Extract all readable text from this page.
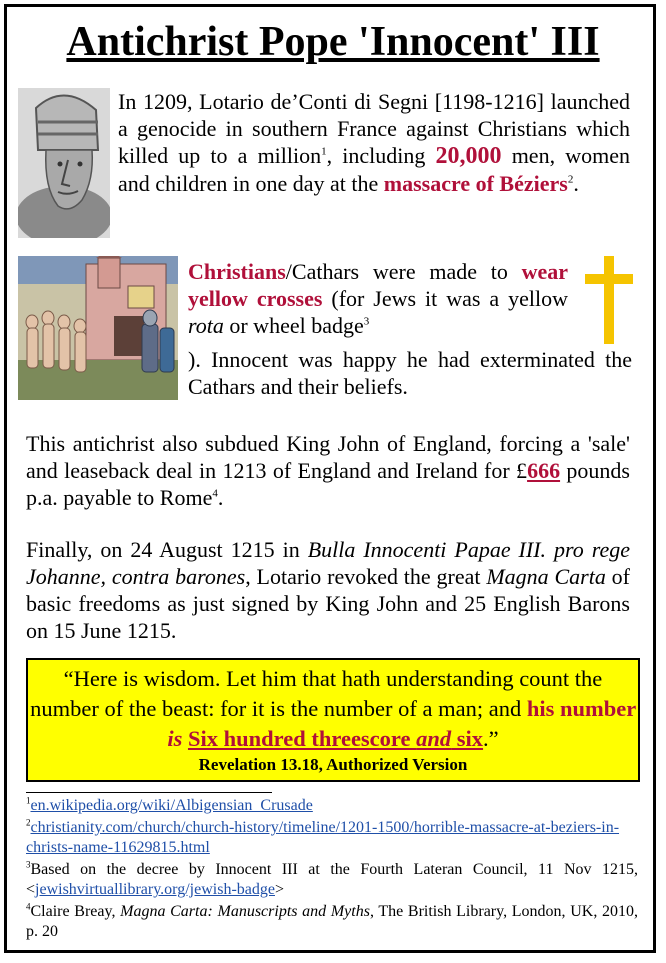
Antichrist Pope 'Innocent' III
In 1209, Lotario de’Conti di Segni [1198-1216] launched a genocide in southern France against Christians which killed up to a million$^1$, including 20,000 men, women and children in one day at the massacre of Béziers$^2$.
Christians/Cathars were made to wear yellow crosses (for Jews it was a yellow rota or wheel badge$^3$
). Innocent was happy he had exterminated the Cathars and their beliefs.
This antichrist also subdued King John of England, forcing a 'sale' and leaseback deal in 1213 of England and Ireland for £666 pounds p.a. payable to Rome$^4$.
Finally, on 24 August 1215 in Bulla Innocenti Papae III. pro rege Johanne, contra barones, Lotario revoked the great Magna Carta of basic freedoms as just signed by King John and 25 English Barons on 15 June 1215.
“Here is wisdom. Let him that hath understanding count the number of the beast: for it is the number of a man; and his number is Six hundred threescore and six.”
Revelation 13.18, Authorized Version
$^1$en.wikipedia.org/wiki/Albigensian_Crusade
$^2$christianity.com/church/church-history/timeline/1201-1500/horrible-massacre-at-beziers-in-christs-name-11629815.html
$^3$Based on the decree by Innocent III at the Fourth Lateran Council, 11 Nov 1215, <jewishvirtuallibrary.org/jewish-badge>
$^4$Claire Breay, Magna Carta: Manuscripts and Myths, The British Library, London, UK, 2010, p. 20
